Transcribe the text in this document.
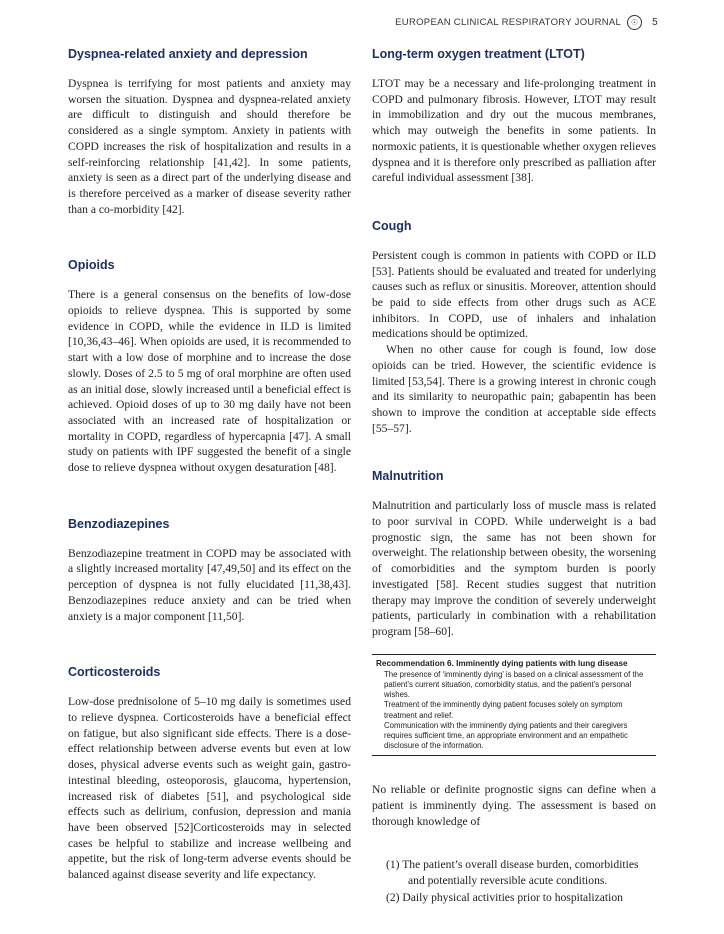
EUROPEAN CLINICAL RESPIRATORY JOURNAL	☉	5
Dyspnea-related anxiety and depression

Dyspnea is terrifying for most patients and anxiety may worsen the situation. Dyspnea and dyspnea-related anxiety are difficult to distinguish and should therefore be considered as a single symptom. Anxiety in patients with COPD increases the risk of hospitalization and results in a self-reinforcing relationship [41,42]. In some patients, anxiety is seen as a direct part of the underlying disease and is therefore perceived as a marker of disease severity rather than a co-morbidity [42].

Opioids

There is a general consensus on the benefits of low-dose opioids to relieve dyspnea. This is supported by some evidence in COPD, while the evidence in ILD is limited [10,36,43–46]. When opioids are used, it is recommended to start with a low dose of morphine and to increase the dose slowly. Doses of 2.5 to 5 mg of oral morphine are often used as an initial dose, slowly increased until a beneficial effect is achieved. Opioid doses of up to 30 mg daily have not been associated with an increased rate of hospitalization or mortality in COPD, regardless of hypercapnia [47]. A small study on patients with IPF suggested the benefit of a single dose to relieve dyspnea without oxygen desaturation [48].

Benzodiazepines

Benzodiazepine treatment in COPD may be associated with a slightly increased mortality [47,49,50] and its effect on the perception of dyspnea is not fully elucidated [11,38,43]. Benzodiazepines reduce anxiety and can be tried when anxiety is a major component [11,50].

Corticosteroids

Low-dose prednisolone of 5–10 mg daily is sometimes used to relieve dyspnea. Corticosteroids have a beneficial effect on fatigue, but also significant side effects. There is a dose-effect relationship between adverse events but even at low doses, physical adverse events such as weight gain, gastro-intestinal bleeding, osteoporosis, glaucoma, hypertension, increased risk of diabetes [51], and psychological side effects such as delirium, confusion, depression and mania have been observed [52]Corticosteroids may in selected cases be helpful to stabilize and increase wellbeing and appetite, but the risk of long-term adverse events should be balanced against disease severity and life expectancy.

Long-term oxygen treatment (LTOT)

LTOT may be a necessary and life-prolonging treatment in COPD and pulmonary fibrosis. However, LTOT may result in immobilization and dry out the mucous membranes, which may outweigh the benefits in some patients. In normoxic patients, it is questionable whether oxygen relieves dyspnea and it is therefore only prescribed as palliation after careful individual assessment [38].

Cough

Persistent cough is common in patients with COPD or ILD [53]. Patients should be evaluated and treated for underlying causes such as reflux or sinusitis. Moreover, attention should be paid to side effects from other drugs such as ACE inhibitors. In COPD, use of inhalers and inhalation medications should be optimized.

When no other cause for cough is found, low dose opioids can be tried. However, the scientific evidence is limited [53,54]. There is a growing interest in chronic cough and its similarity to neuropathic pain; gabapentin has been shown to improve the condition at acceptable side effects [55–57].

Malnutrition

Malnutrition and particularly loss of muscle mass is related to poor survival in COPD. While underweight is a bad prognostic sign, the same has not been shown for overweight. The relationship between obesity, the worsening of comorbidities and the symptom burden is poorly investigated [58]. Recent studies suggest that nutrition therapy may improve the condition of severely underweight patients, particularly in combination with a rehabilitation program [58–60].

Recommendation 6. Imminently dying patients with lung disease

The presence of ‘imminently dying’ is based on a clinical assessment of the patient’s current situation, comorbidity status, and the patient’s personal wishes.

Treatment of the imminently dying patient focuses solely on symptom treatment and relief.

Communication with the imminently dying patients and their caregivers requires sufficient time, an appropriate environment and an empathetic disclosure of the information.

No reliable or definite prognostic signs can define when a patient is imminently dying. The assessment is based on thorough knowledge of

(1) The patient’s overall disease burden, comorbidities and potentially reversible acute conditions.
(2) Daily physical activities prior to hospitalization
